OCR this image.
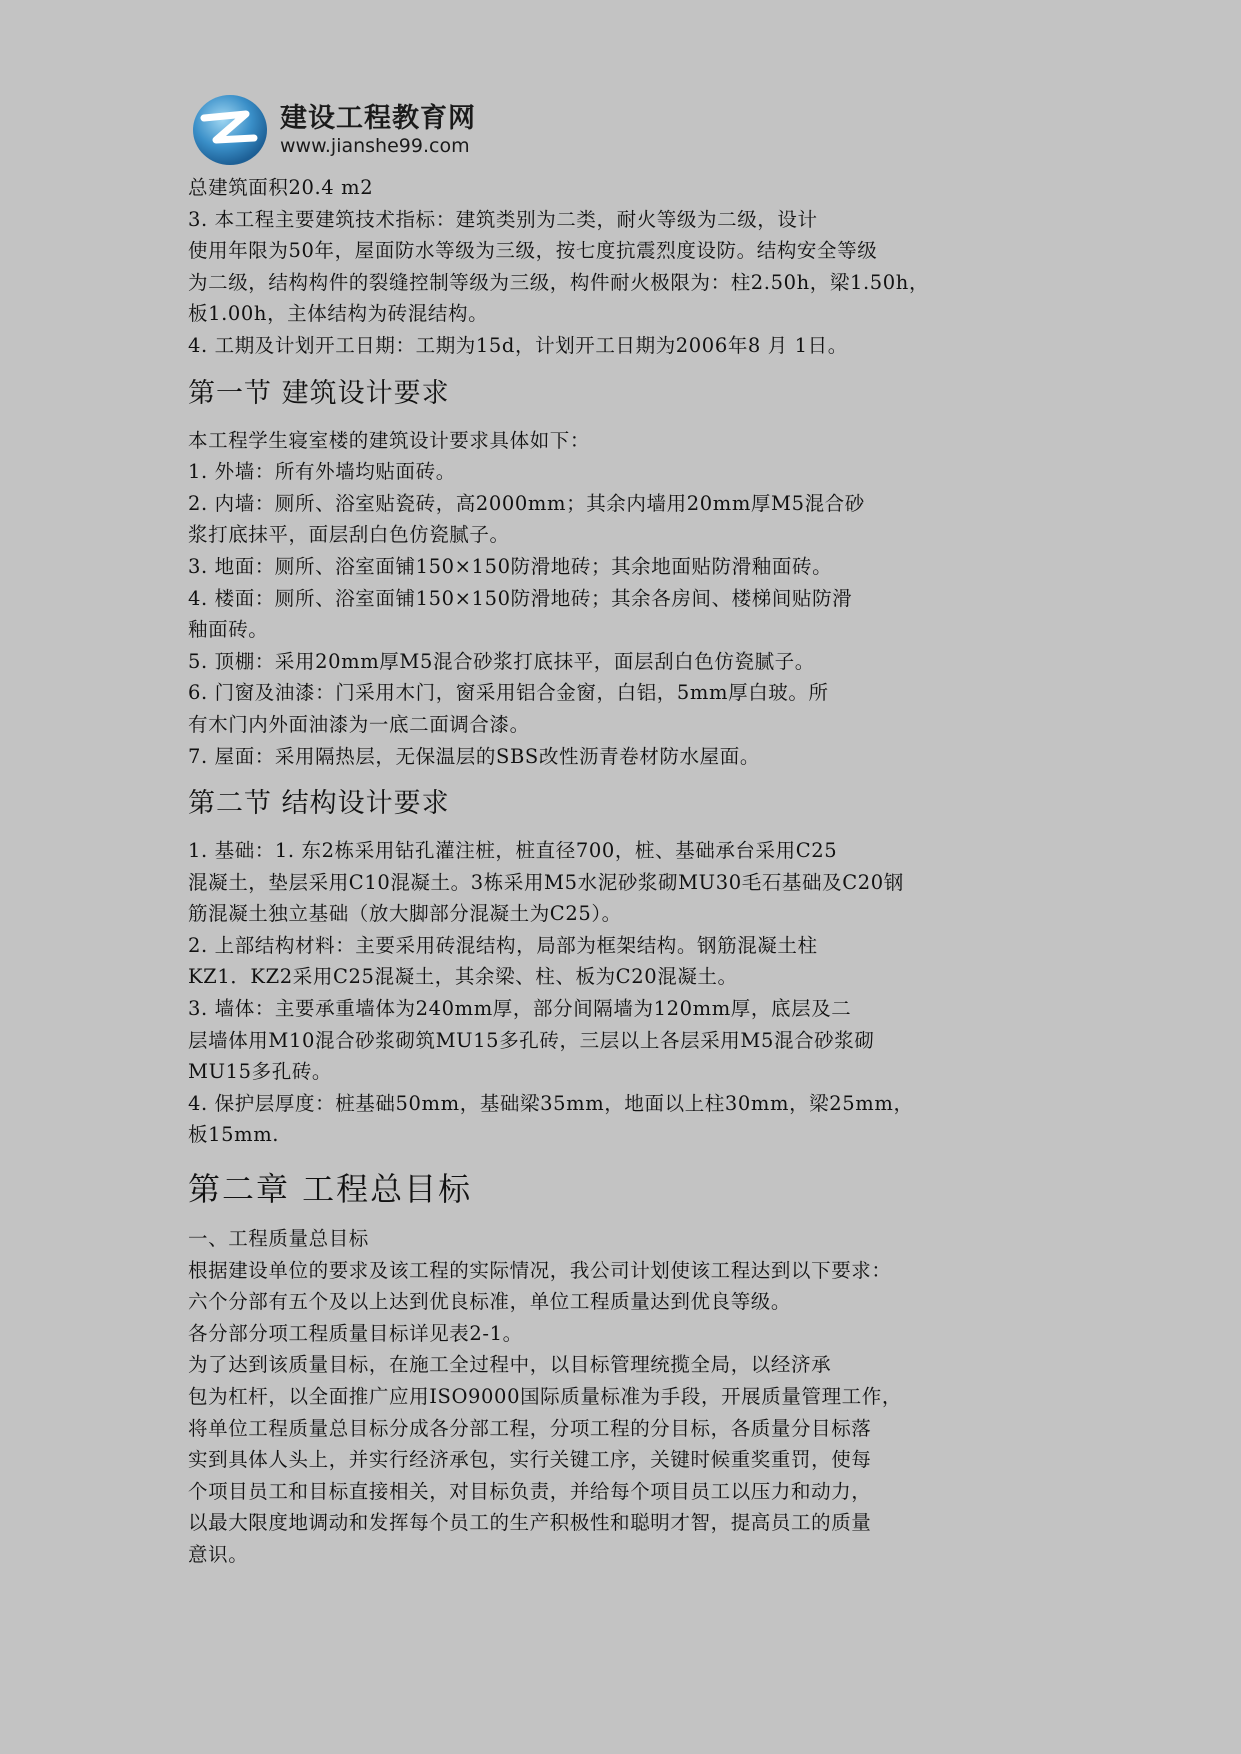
建设工程教育网
www.jianshe99.com
总建筑面积20.4 m2
3. 本工程主要建筑技术指标：建筑类别为二类，耐火等级为二级，设计
使用年限为50年，屋面防水等级为三级，按七度抗震烈度设防。结构安全等级
为二级，结构构件的裂缝控制等级为三级，构件耐火极限为：柱2.50h，梁1.50h，
板1.00h，主体结构为砖混结构。
4. 工期及计划开工日期：工期为15d，计划开工日期为2006年8 月 1日。
第一节 建筑设计要求
本工程学生寝室楼的建筑设计要求具体如下：
1. 外墙：所有外墙均贴面砖。
2. 内墙：厕所、浴室贴瓷砖，高2000mm；其余内墙用20mm厚M5混合砂
浆打底抹平，面层刮白色仿瓷腻子。
3. 地面：厕所、浴室面铺150×150防滑地砖；其余地面贴防滑釉面砖。
4. 楼面：厕所、浴室面铺150×150防滑地砖；其余各房间、楼梯间贴防滑
釉面砖。
5. 顶棚：采用20mm厚M5混合砂浆打底抹平，面层刮白色仿瓷腻子。
6. 门窗及油漆：门采用木门，窗采用铝合金窗，白铝，5mm厚白玻。所
有木门内外面油漆为一底二面调合漆。
7. 屋面：采用隔热层，无保温层的SBS改性沥青卷材防水屋面。
第二节 结构设计要求
1. 基础：1. 东2栋采用钻孔灌注桩，桩直径700，桩、基础承台采用C25
混凝土，垫层采用C10混凝土。3栋采用M5水泥砂浆砌MU30毛石基础及C20钢
筋混凝土独立基础（放大脚部分混凝土为C25）。
2. 上部结构材料：主要采用砖混结构，局部为框架结构。钢筋混凝土柱
KZ1．KZ2采用C25混凝土，其余梁、柱、板为C20混凝土。
3. 墙体：主要承重墙体为240mm厚，部分间隔墙为120mm厚，底层及二
层墙体用M10混合砂浆砌筑MU15多孔砖，三层以上各层采用M5混合砂浆砌
MU15多孔砖。
4. 保护层厚度：桩基础50mm，基础梁35mm，地面以上柱30mm，梁25mm，
板15mm.
第二章 工程总目标
一、工程质量总目标
根据建设单位的要求及该工程的实际情况，我公司计划使该工程达到以下要求：
六个分部有五个及以上达到优良标准，单位工程质量达到优良等级。
各分部分项工程质量目标详见表2-1。
为了达到该质量目标，在施工全过程中，以目标管理统揽全局，以经济承
包为杠杆，以全面推广应用ISO9000国际质量标准为手段，开展质量管理工作，
将单位工程质量总目标分成各分部工程，分项工程的分目标，各质量分目标落
实到具体人头上，并实行经济承包，实行关键工序，关键时候重奖重罚，使每
个项目员工和目标直接相关，对目标负责，并给每个项目员工以压力和动力，
以最大限度地调动和发挥每个员工的生产积极性和聪明才智，提高员工的质量
意识。
